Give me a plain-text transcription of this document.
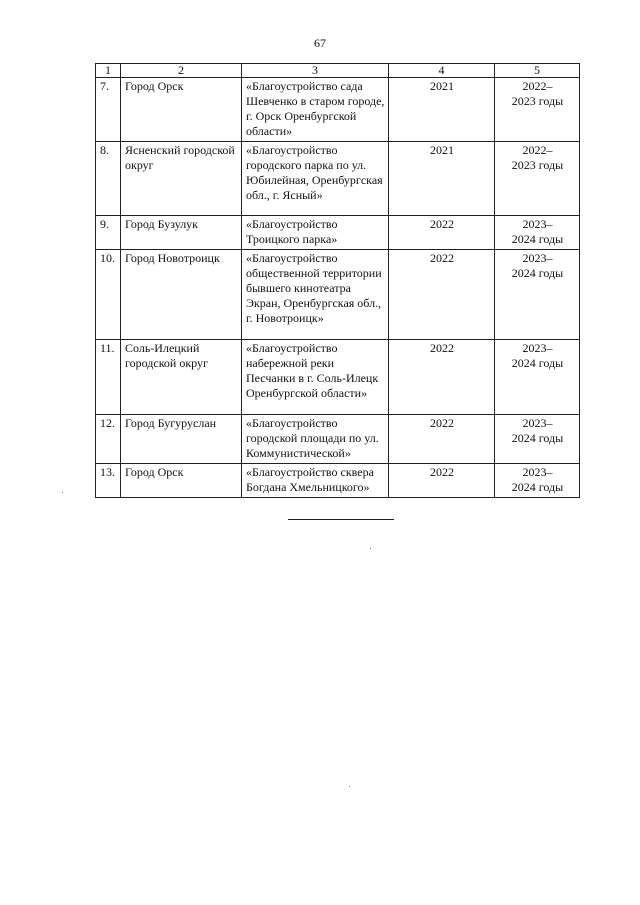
67
1	2	3	4	5
7.	Город Орск	«Благоустройство сада Шевченко в старом городе, г. Орск Оренбургской области»	2021	2022–
2023 годы

8.	Ясненский городской округ	«Благоустройство городского парка по ул. Юбилейная, Оренбургская обл., г. Ясный»	2021	2022–
2023 годы

9.	Город Бузулук	«Благоустройство Троицкого парка»	2022	2023–
2024 годы

10.	Город Новотроицк	«Благоустройство общественной территории бывшего кинотеатра Экран, Оренбургская обл., г. Новотроицк»	2022	2023–
2024 годы

11.	Соль-Илецкий городской округ	«Благоустройство набережной реки Песчанки в г. Соль-Илецк Оренбургской области»	2022	2023–
2024 годы

12.	Город Бугуруслан	«Благоустройство городской площади по ул. Коммунистической»	2022	2023–
2024 годы

13.	Город Орск	«Благоустройство сквера Богдана Хмельницкого»	2022	2023–
2024 годы
